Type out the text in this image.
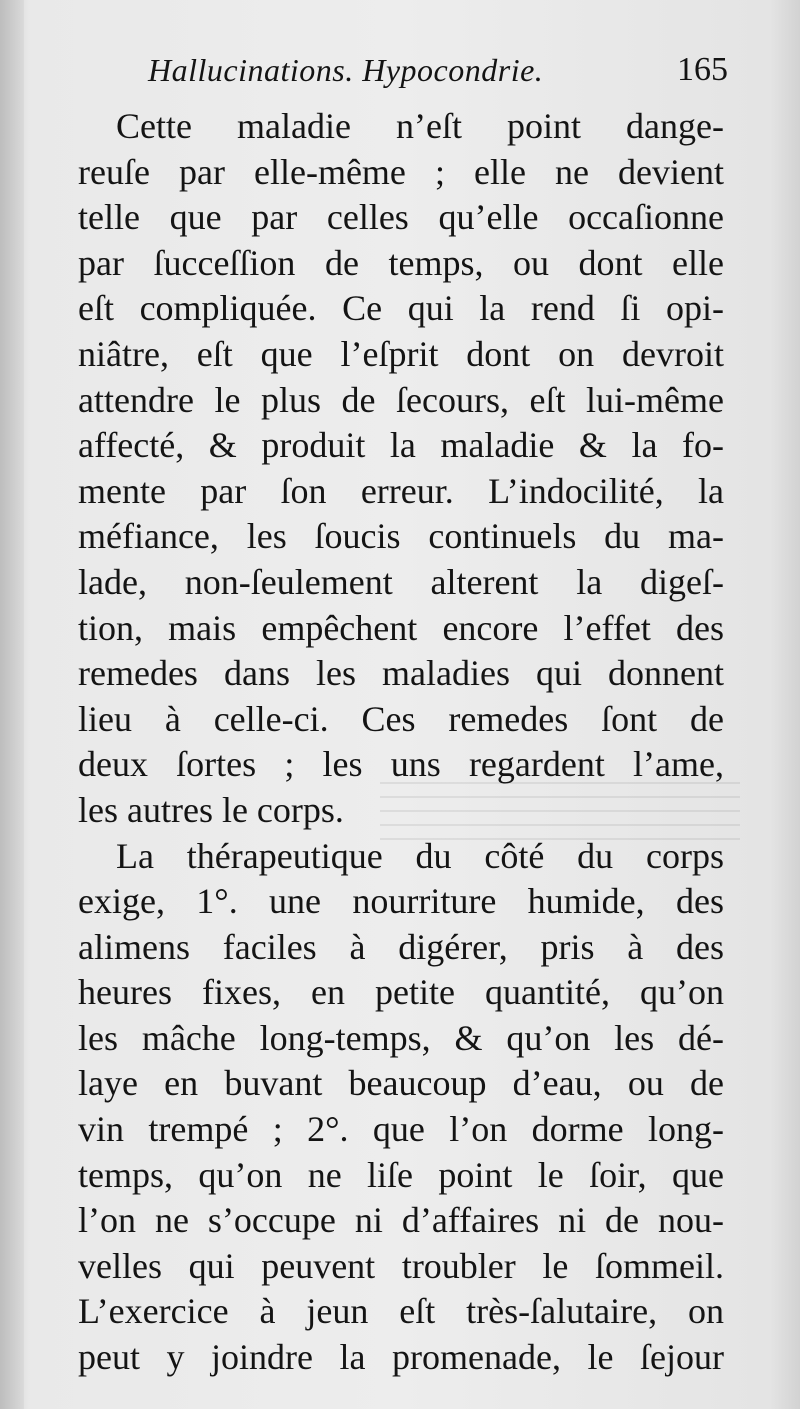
Hallucinations. Hypocondrie.	165
Cette maladie n’eſt point dange-
reuſe par elle-même ; elle ne devient
telle que par celles qu’elle occaſionne
par ſucceſſion de temps, ou dont elle
eſt compliquée. Ce qui la rend ſi opi-
niâtre, eſt que l’eſprit dont on devroit
attendre le plus de ſecours, eſt lui-même
affecté, & produit la maladie & la fo-
mente par ſon erreur. L’indocilité, la
méfiance, les ſoucis continuels du ma-
lade, non-ſeulement alterent la digeſ-
tion, mais empêchent encore l’effet des
remedes dans les maladies qui donnent
lieu à celle-ci. Ces remedes ſont de
deux ſortes ; les uns regardent l’ame,
les autres le corps.
La thérapeutique du côté du corps
exige, 1°. une nourriture humide, des
alimens faciles à digérer, pris à des
heures fixes, en petite quantité, qu’on
les mâche long-temps, & qu’on les dé-
laye en buvant beaucoup d’eau, ou de
vin trempé ; 2°. que l’on dorme long-
temps, qu’on ne liſe point le ſoir, que
l’on ne s’occupe ni d’affaires ni de nou-
velles qui peuvent troubler le ſommeil.
L’exercice à jeun eſt très-ſalutaire, on
peut y joindre la promenade, le ſejour
